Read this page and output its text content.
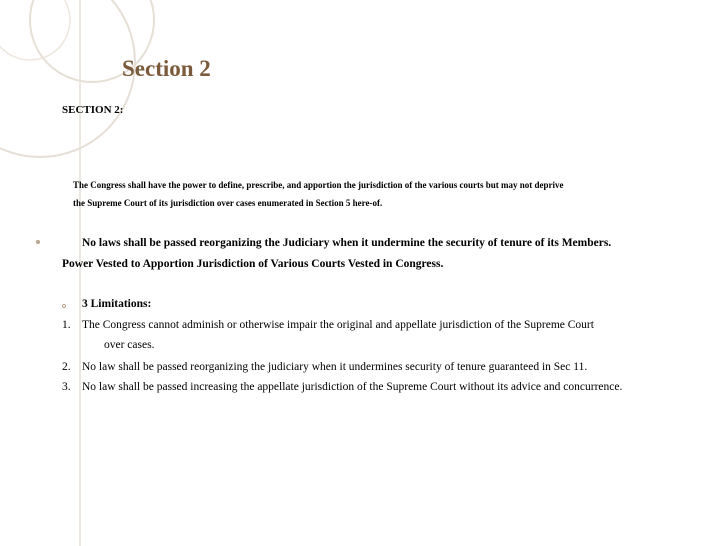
Section 2
SECTION 2:
The Congress shall have the power to define, prescribe, and apportion the jurisdiction of the various courts but may not deprive
the Supreme Court of its jurisdiction over cases enumerated in Section 5 here-of.
No laws shall be passed reorganizing the Judiciary when it undermine the security of tenure of its Members.
Power Vested to Apportion Jurisdiction of Various Courts Vested in Congress.
3 Limitations:
1. The Congress cannot adminish or otherwise impair the original and appellate jurisdiction of the Supreme Court
over cases.
2. No law shall be passed reorganizing the judiciary when it undermines security of tenure guaranteed in Sec 11.
3. No law shall be passed increasing the appellate jurisdiction of the Supreme Court without its advice and concurrence.
